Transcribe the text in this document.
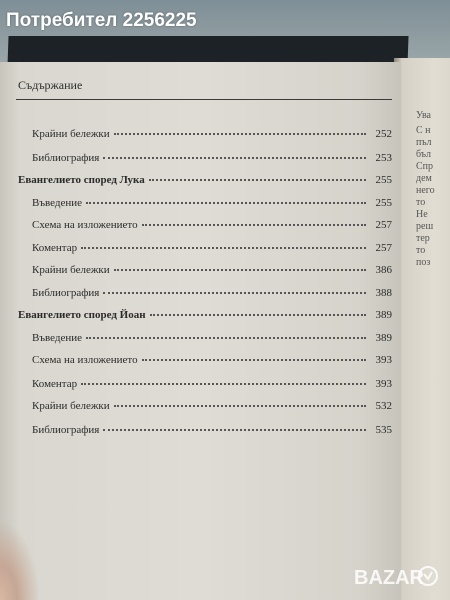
Ува
С н
пъл
бъл
Спр
дем
него
то
Не
реш
тер
то
поз
Съдържание
Крайни бележки	252
Библиография	253
Евангелието според Лука	255
Въведение	255
Схема на изложението	257
Коментар	257
Крайни бележки	386
Библиография	388
Евангелието според Йоан	389
Въведение	389
Схема на изложението	393
Коментар	393
Крайни бележки	532
Библиография	535
Потребител 2256225
BAZAR
